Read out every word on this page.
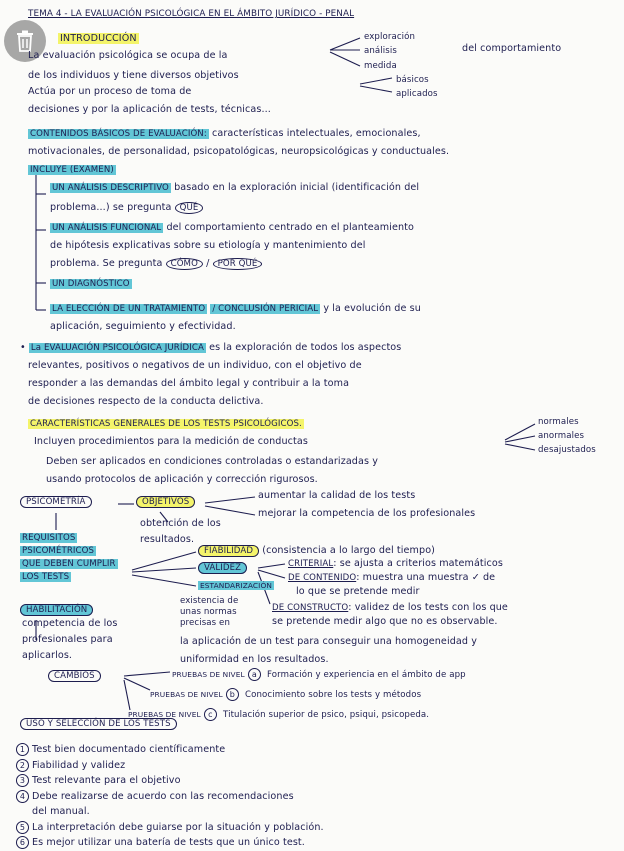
TEMA 4 - LA EVALUACIÓN PSICOLÓGICA EN EL ÁMBITO JURÍDICO - PENAL
INTRODUCCIÓN
La evaluación psicológica se ocupa de la
exploración
análisis
medida
del comportamiento
de los individuos y tiene diversos objetivos	básicos
aplicados
Actúa por un proceso de toma de
decisiones y por la aplicación de tests, técnicas...
CONTENIDOS BÁSICOS DE EVALUACIÓN: características intelectuales, emocionales,
motivacionales, de personalidad, psicopatológicas, neuropsicológicas y conductuales.
INCLUYE (EXAMEN)
UN ANÁLISIS DESCRIPTIVO basado en la exploración inicial (identificación del
problema...) se pregunta QUÉ
UN ANÁLISIS FUNCIONAL del comportamiento centrado en el planteamiento
de hipótesis explicativas sobre su etiología y mantenimiento del
problema. Se pregunta CÓMO / POR QUÉ
UN DIAGNÓSTICO
LA ELECCIÓN DE UN TRATAMIENTO / CONCLUSIÓN PERICIAL y la evolución de su
aplicación, seguimiento y efectividad.
• La EVALUACIÓN PSICOLÓGICA JURÍDICA es la exploración de todos los aspectos
relevantes, positivos o negativos de un individuo, con el objetivo de
responder a las demandas del ámbito legal y contribuir a la toma
de decisiones respecto de la conducta delictiva.
CARACTERÍSTICAS GENERALES DE LOS TESTS PSICOLÓGICOS.	normales
anormales
desajustados
Incluyen procedimientos para la medición de conductas
Deben ser aplicados en condiciones controladas o estandarizadas y
usando protocolos de aplicación y corrección rigurosos.
PSICOMETRÍA	OBJETIVOS
aumentar la calidad de los tests
mejorar la competencia de los profesionales
obtención de los
resultados.
REQUISITOS
PSICOMÉTRICOS
QUE DEBEN CUMPLIR
LOS TESTS
FIABILIDAD (consistencia a lo largo del tiempo)
VALIDEZ
ESTANDARIZACIÓN
CRITERIAL: se ajusta a criterios matemáticos
DE CONTENIDO: muestra una muestra ✓ de
lo que se pretende medir
DE CONSTRUCTO: validez de los tests con los que
se pretende medir algo que no es observable.
existencia de
unas normas
precisas en
la aplicación de un test para conseguir una homogeneidad y
uniformidad en los resultados.
HABILITACIÓN
competencia de los
profesionales para
aplicarlos.
CAMBIOS	PRUEBAS DE NIVEL a Formación y experiencia en el ámbito de app
PRUEBAS DE NIVEL b Conocimiento sobre los tests y métodos
PRUEBAS DE NIVEL c Titulación superior de psico, psiqui, psicopeda.
USO Y SELECCIÓN DE LOS TESTS
1 Test bien documentado científicamente
2 Fiabilidad y validez
3 Test relevante para el objetivo
4 Debe realizarse de acuerdo con las recomendaciones
del manual.
5 La interpretación debe guiarse por la situación y población.
6 Es mejor utilizar una batería de tests que un único test.
